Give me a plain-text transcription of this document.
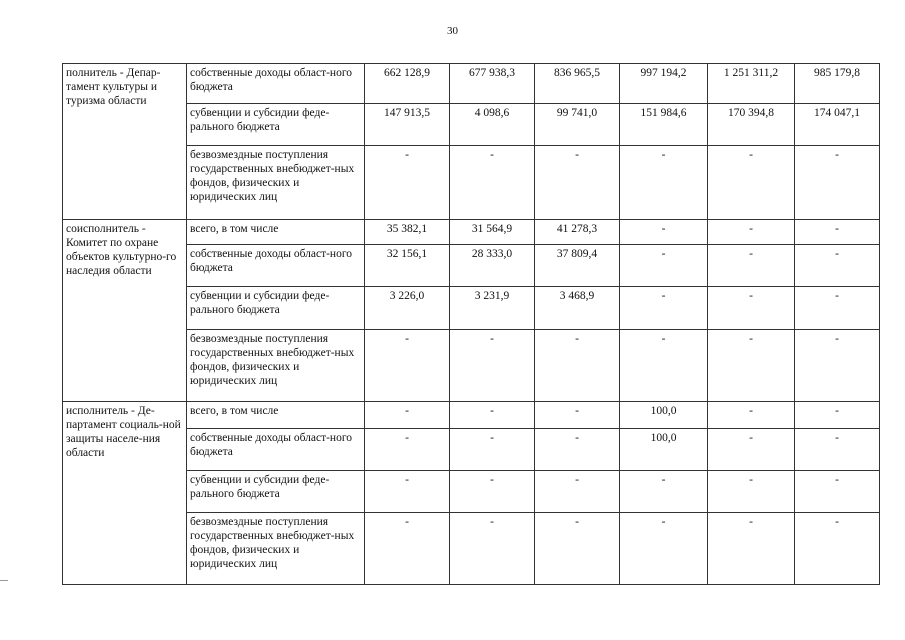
30
полнитель - Депар-тамент культуры и туризма области	собственные доходы област-ного бюджета	662 128,9	677 938,3	836 965,5	997 194,2	1 251 311,2	985 179,8
	субвенции и субсидии феде-рального бюджета	147 913,5	4 098,6	99 741,0	151 984,6	170 394,8	174 047,1
	безвозмездные поступления государственных внебюджет-ных фондов, физических и юридических лиц	-	-	-	-	-	-
соисполнитель - Комитет по охране объектов культурно-го наследия области	всего, в том числе	35 382,1	31 564,9	41 278,3	-	-	-
	собственные доходы област-ного бюджета	32 156,1	28 333,0	37 809,4	-	-	-
	субвенции и субсидии феде-рального бюджета	3 226,0	3 231,9	3 468,9	-	-	-
	безвозмездные поступления государственных внебюджет-ных фондов, физических и юридических лиц	-	-	-	-	-	-
исполнитель - Де-партамент социаль-ной защиты населе-ния области	всего, в том числе	-	-	-	100,0	-	-
	собственные доходы област-ного бюджета	-	-	-	100,0	-	-
	субвенции и субсидии феде-рального бюджета	-	-	-	-	-	-
	безвозмездные поступления государственных внебюджет-ных фондов, физических и юридических лиц	-	-	-	-	-	-
